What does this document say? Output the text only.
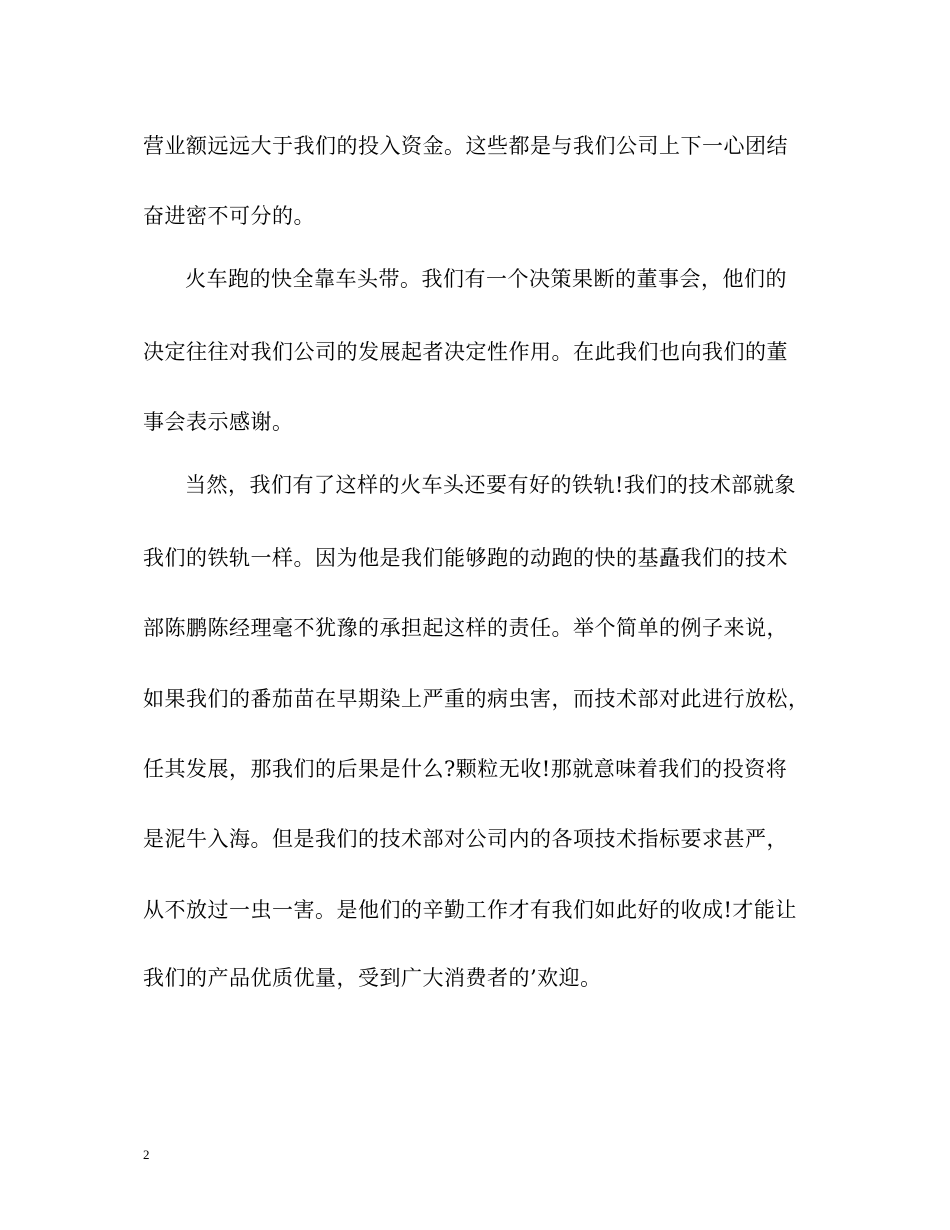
营业额远远大于我们的投入资金。这些都是与我们公司上下一心团结
奋进密不可分的。
火车跑的快全靠车头带。我们有一个决策果断的董事会，他们的
决定往往对我们公司的发展起者决定性作用。在此我们也向我们的董
事会表示感谢。
当然，我们有了这样的火车头还要有好的铁轨!我们的技术部就象
我们的铁轨一样。因为他是我们能够跑的动跑的快的基矗我们的技术
部陈鹏陈经理毫不犹豫的承担起这样的责任。举个简单的例子来说，
如果我们的番茄苗在早期染上严重的病虫害，而技术部对此进行放松，
任其发展，那我们的后果是什么?颗粒无收!那就意味着我们的投资将
是泥牛入海。但是我们的技术部对公司内的各项技术指标要求甚严，
从不放过一虫一害。是他们的辛勤工作才有我们如此好的收成!才能让
我们的产品优质优量，受到广大消费者的’欢迎。
2
